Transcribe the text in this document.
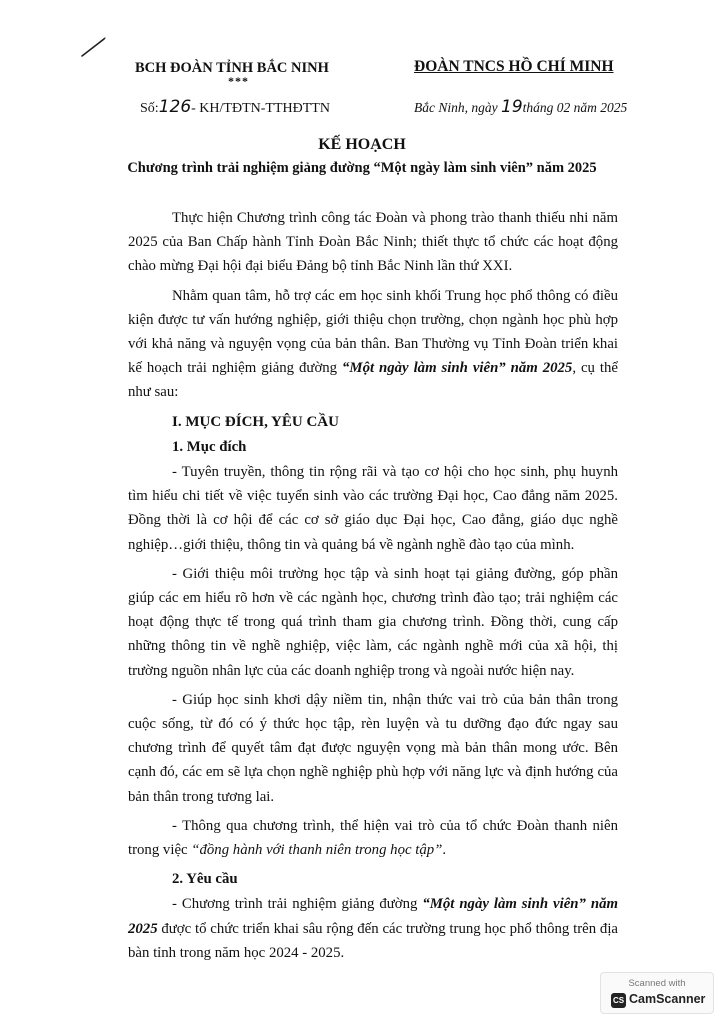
BCH ĐOÀN TỈNH BẮC NINH
***
ĐOÀN TNCS HỒ CHÍ MINH
Số:126- KH/TĐTN-TTHĐTTN	Bắc Ninh, ngày 19tháng 02 năm 2025
KẾ HOẠCH
Chương trình trải nghiệm giảng đường “Một ngày làm sinh viên” năm 2025

Thực hiện Chương trình công tác Đoàn và phong trào thanh thiếu nhi năm 2025 của Ban Chấp hành Tỉnh Đoàn Bắc Ninh; thiết thực tổ chức các hoạt động chào mừng Đại hội đại biểu Đảng bộ tỉnh Bắc Ninh lần thứ XXI.

Nhằm quan tâm, hỗ trợ các em học sinh khối Trung học phổ thông có điều kiện được tư vấn hướng nghiệp, giới thiệu chọn trường, chọn ngành học phù hợp với khả năng và nguyện vọng của bản thân. Ban Thường vụ Tỉnh Đoàn triển khai kế hoạch trải nghiệm giảng đường “Một ngày làm sinh viên” năm 2025, cụ thể như sau:

I. MỤC ĐÍCH, YÊU CẦU
1. Mục đích

- Tuyên truyền, thông tin rộng rãi và tạo cơ hội cho học sinh, phụ huynh tìm hiểu chi tiết về việc tuyển sinh vào các trường Đại học, Cao đẳng năm 2025. Đồng thời là cơ hội để các cơ sở giáo dục Đại học, Cao đẳng, giáo dục nghề nghiệp…giới thiệu, thông tin và quảng bá về ngành nghề đào tạo của mình.

- Giới thiệu môi trường học tập và sinh hoạt tại giảng đường, góp phần giúp các em hiểu rõ hơn về các ngành học, chương trình đào tạo; trải nghiệm các hoạt động thực tế trong quá trình tham gia chương trình. Đồng thời, cung cấp những thông tin về nghề nghiệp, việc làm, các ngành nghề mới của xã hội, thị trường nguồn nhân lực của các doanh nghiệp trong và ngoài nước hiện nay.

- Giúp học sinh khơi dậy niềm tin, nhận thức vai trò của bản thân trong cuộc sống, từ đó có ý thức học tập, rèn luyện và tu dưỡng đạo đức ngay sau chương trình để quyết tâm đạt được nguyện vọng mà bản thân mong ước. Bên cạnh đó, các em sẽ lựa chọn nghề nghiệp phù hợp với năng lực và định hướng của bản thân trong tương lai.

- Thông qua chương trình, thể hiện vai trò của tổ chức Đoàn thanh niên trong việc “đồng hành với thanh niên trong học tập”.

2. Yêu cầu

- Chương trình trải nghiệm giảng đường “Một ngày làm sinh viên” năm 2025 được tổ chức triển khai sâu rộng đến các trường trung học phổ thông trên địa bàn tỉnh trong năm học 2024 - 2025.

Scanned with
CS CamScanner
